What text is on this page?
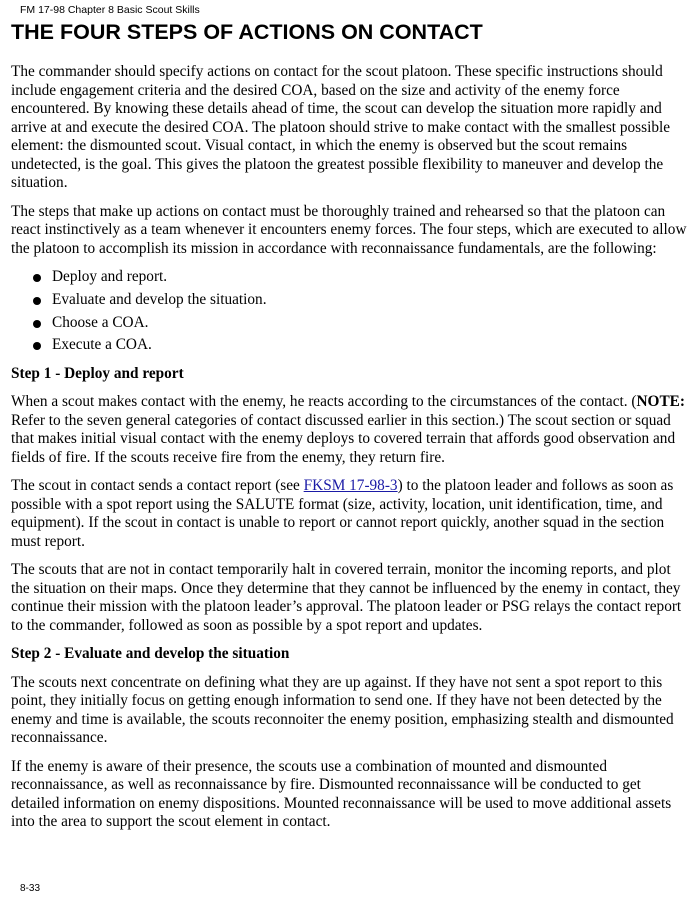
FM 17-98 Chapter 8 Basic Scout Skills
THE FOUR STEPS OF ACTIONS ON CONTACT

The commander should specify actions on contact for the scout platoon. These specific instructions should include engagement criteria and the desired COA, based on the size and activity of the enemy force encountered. By knowing these details ahead of time, the scout can develop the situation more rapidly and arrive at and execute the desired COA. The platoon should strive to make contact with the smallest possible element: the dismounted scout. Visual contact, in which the enemy is observed but the scout remains undetected, is the goal. This gives the platoon the greatest possible flexibility to maneuver and develop the situation.

The steps that make up actions on contact must be thoroughly trained and rehearsed so that the platoon can react instinctively as a team whenever it encounters enemy forces. The four steps, which are executed to allow the platoon to accomplish its mission in accordance with reconnaissance fundamentals, are the following:

Deploy and report.
Evaluate and develop the situation.
Choose a COA.
Execute a COA.

Step 1 - Deploy and report

When a scout makes contact with the enemy, he reacts according to the circumstances of the contact. (NOTE: Refer to the seven general categories of contact discussed earlier in this section.) The scout section or squad that makes initial visual contact with the enemy deploys to covered terrain that affords good observation and fields of fire. If the scouts receive fire from the enemy, they return fire.

The scout in contact sends a contact report (see FKSM 17-98-3) to the platoon leader and follows as soon as possible with a spot report using the SALUTE format (size, activity, location, unit identification, time, and equipment). If the scout in contact is unable to report or cannot report quickly, another squad in the section must report.

The scouts that are not in contact temporarily halt in covered terrain, monitor the incoming reports, and plot the situation on their maps. Once they determine that they cannot be influenced by the enemy in contact, they continue their mission with the platoon leader’s approval. The platoon leader or PSG relays the contact report to the commander, followed as soon as possible by a spot report and updates.

Step 2 - Evaluate and develop the situation

The scouts next concentrate on defining what they are up against. If they have not sent a spot report to this point, they initially focus on getting enough information to send one. If they have not been detected by the enemy and time is available, the scouts reconnoiter the enemy position, emphasizing stealth and dismounted reconnaissance.

If the enemy is aware of their presence, the scouts use a combination of mounted and dismounted reconnaissance, as well as reconnaissance by fire. Dismounted reconnaissance will be conducted to get detailed information on enemy dispositions. Mounted reconnaissance will be used to move additional assets into the area to support the scout element in contact.

8-33
